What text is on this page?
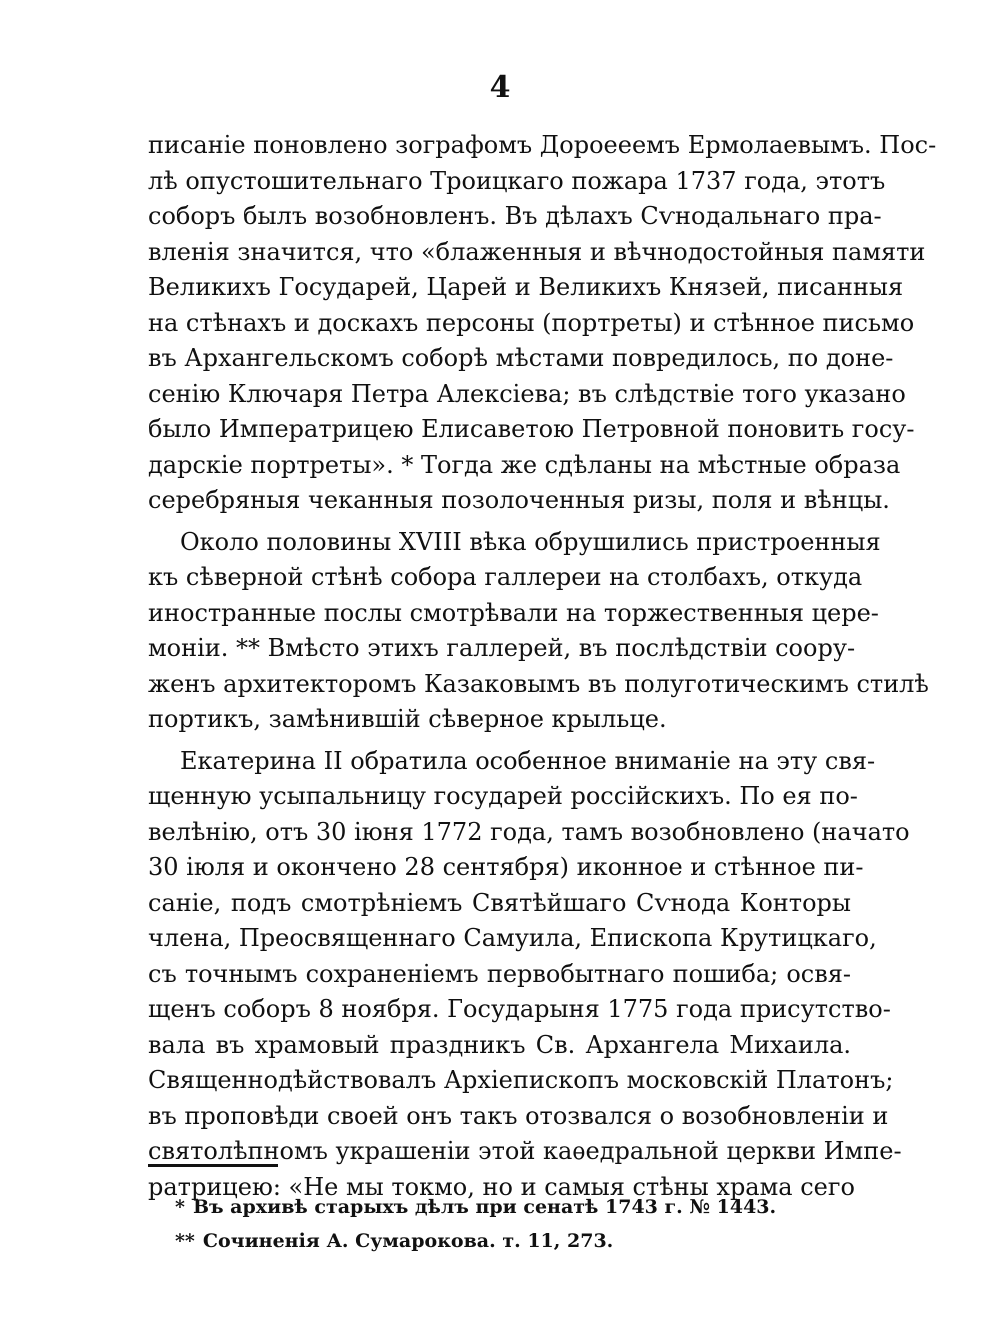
4
писаніе поновлено зографомъ Дороееемъ Ермолаевымъ. Пос-
лѣ опустошительнаго Троицкаго пожара 1737 года, этотъ
соборъ былъ возобновленъ. Въ дѣлахъ Сѵнодальнаго пра-
вленія значится, что «блаженныя и вѣчнодостойныя памяти
Великихъ Государей, Царей и Великихъ Князей, писанныя
на стѣнахъ и доскахъ персоны (портреты) и стѣнное письмо
въ Архангельскомъ соборѣ мѣстами повредилось, по доне-
сенію Ключаря Петра Алексіева; въ слѣдствіе того указано
было Императрицею Елисаветою Петровной поновить госу-
дарскіе портреты». * Тогда же сдѣланы на мѣстные образа
серебряныя чеканныя позолоченныя ризы, поля и вѣнцы.
Около половины XVIII вѣка обрушились пристроенныя
къ сѣверной стѣнѣ собора галлереи на столбахъ, откуда
иностранные послы смотрѣвали на торжественныя цере-
моніи. ** Вмѣсто этихъ галлерей, въ послѣдствіи соору-
женъ архитекторомъ Казаковымъ въ полуготическимъ стилѣ
портикъ, замѣнившій сѣверное крыльце.
Екатерина II обратила особенное вниманіе на эту свя-
щенную усыпальницу государей россійскихъ. По ея по-
велѣнію, отъ 30 іюня 1772 года, тамъ возобновлено (начато
30 іюля и окончено 28 сентября) иконное и стѣнное пи-
саніе, подъ смотрѣніемъ Святѣйшаго Сѵнода Конторы
члена, Преосвященнаго Самуила, Епископа Крутицкаго,
съ точнымъ сохраненіемъ первобытнаго пошиба; освя-
щенъ соборъ 8 ноября. Государыня 1775 года присутство-
вала въ храмовый праздникъ Св. Архангела Михаила.
Священнодѣйствовалъ Архіепископъ московскій Платонъ;
въ проповѣди своей онъ такъ отозвался о возобновленіи и
святолѣпномъ украшеніи этой каѳедральной церкви Импе-
ратрицею: «Не мы токмо, но и самыя стѣны храма сего
* Въ архивѣ старыхъ дѣлъ при сенатѣ 1743 г. № 1443.
** Сочиненія А. Сумарокова. т. 11, 273.
